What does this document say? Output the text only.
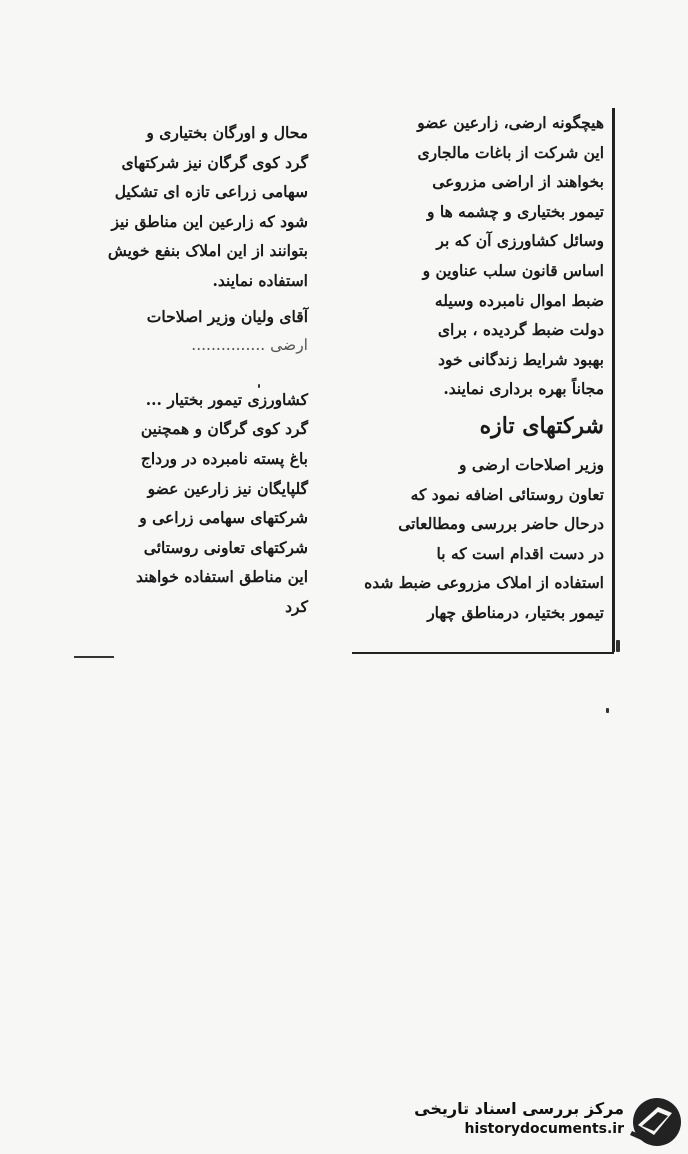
هیچگونه ارضی، زارعین عضو

این شرکت از باغات مالجاری

بخواهند از اراضی مزروعی

تیمور بختیاری و چشمه ها و

وسائل کشاورزی آن که بر

اساس قانون سلب عناوین و

ضبط اموال نامبرده وسیله

دولت ضبط گردیده ، برای

بهبود شرایط زندگانی خود

مجاناً بهره برداری نمایند.

شرکتهای تازه

وزیر اصلاحات ارضی و

تعاون روستائی اضافه نمود که

درحال حاضر بررسی ومطالعاتی

در دست اقدام است که با

استفاده از املاک مزروعی ضبط شده

تیمور بختیار، درمناطق چهار

محال و اورگان بختیاری و

گرد کوی گرگان نیز شرکتهای

سهامی زراعی تازه ای تشکیل

شود که زارعین این مناطق نیز

بتوانند از این املاک بنفع خویش

استفاده نمایند.

آقای ولیان وزیر اصلاحات

ارضی ...............

کشاورزی تیمور بختیار ...

گرد کوی گرگان و همچنین

باغ پسته نامبرده در ورداج

گلپایگان نیز زارعین عضو

شرکتهای سهامی زراعی و

شرکتهای تعاونی روستائی

این مناطق استفاده خواهند

کرد

مرکز بررسی اسناد تاریخی
historydocuments.ir
